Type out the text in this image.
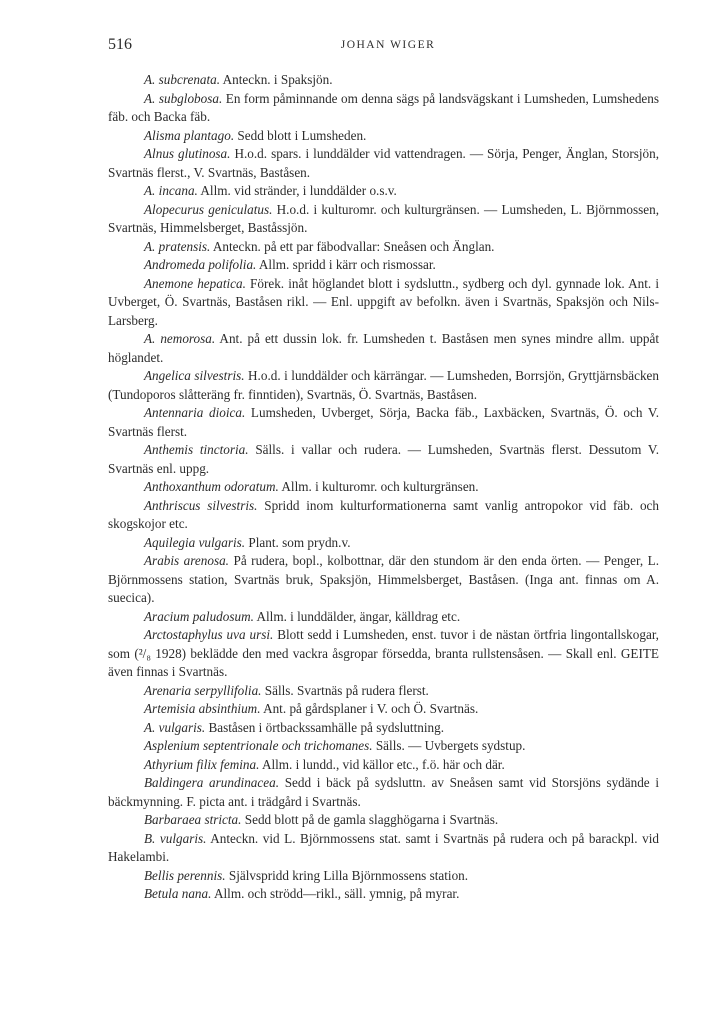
516	JOHAN WIGER

A. subcrenata. Anteckn. i Spaksjön.

A. subglobosa. En form påminnande om denna sägs på landsvägskant i Lumsheden, Lumshedens fäb. och Backa fäb.

Alisma plantago. Sedd blott i Lumsheden.

Alnus glutinosa. H.o.d. spars. i lunddälder vid vattendragen. — Sörja, Penger, Änglan, Storsjön, Svartnäs flerst., V. Svartnäs, Baståsen.

A. incana. Allm. vid stränder, i lunddälder o.s.v.

Alopecurus geniculatus. H.o.d. i kulturomr. och kulturgränsen. — Lumsheden, L. Björnmossen, Svartnäs, Himmelsberget, Baståssjön.

A. pratensis. Anteckn. på ett par fäbodvallar: Sneåsen och Änglan.

Andromeda polifolia. Allm. spridd i kärr och rismossar.

Anemone hepatica. Förek. inåt höglandet blott i sydsluttn., sydberg och dyl. gynnade lok. Ant. i Uvberget, Ö. Svartnäs, Baståsen rikl. — Enl. uppgift av befolkn. även i Svartnäs, Spaksjön och Nils-Larsberg.

A. nemorosa. Ant. på ett dussin lok. fr. Lumsheden t. Baståsen men synes mindre allm. uppåt höglandet.

Angelica silvestris. H.o.d. i lunddälder och kärrängar. — Lumsheden, Borrsjön, Gryttjärnsbäcken (Tundoporos slåtteräng fr. finntiden), Svartnäs, Ö. Svartnäs, Baståsen.

Antennaria dioica. Lumsheden, Uvberget, Sörja, Backa fäb., Laxbäcken, Svartnäs, Ö. och V. Svartnäs flerst.

Anthemis tinctoria. Sälls. i vallar och rudera. — Lumsheden, Svartnäs flerst. Dessutom V. Svartnäs enl. uppg.

Anthoxanthum odoratum. Allm. i kulturomr. och kulturgränsen.

Anthriscus silvestris. Spridd inom kulturformationerna samt vanlig antropokor vid fäb. och skogskojor etc.

Aquilegia vulgaris. Plant. som prydn.v.

Arabis arenosa. På rudera, bopl., kolbottnar, där den stundom är den enda örten. — Penger, L. Björnmossens station, Svartnäs bruk, Spaksjön, Himmelsberget, Baståsen. (Inga ant. finnas om A. suecica).

Aracium paludosum. Allm. i lunddälder, ängar, källdrag etc.

Arctostaphylus uva ursi. Blott sedd i Lumsheden, enst. tuvor i de nästan örtfria lingontallskogar, som (²/₈ 1928) beklädde den med vackra åsgropar försedda, branta rullstensåsen. — Skall enl. GEITE även finnas i Svartnäs.

Arenaria serpyllifolia. Sälls. Svartnäs på rudera flerst.

Artemisia absinthium. Ant. på gårdsplaner i V. och Ö. Svartnäs.

A. vulgaris. Baståsen i örtbackssamhälle på sydsluttning.

Asplenium septentrionale och trichomanes. Sälls. — Uvbergets sydstup.

Athyrium filix femina. Allm. i lundd., vid källor etc., f.ö. här och där.

Baldingera arundinacea. Sedd i bäck på sydsluttn. av Sneåsen samt vid Storsjöns sydände i bäckmynning. F. picta ant. i trädgård i Svartnäs.

Barbaraea stricta. Sedd blott på de gamla slagghögarna i Svartnäs.

B. vulgaris. Anteckn. vid L. Björnmossens stat. samt i Svartnäs på rudera och på barackpl. vid Hakelambi.

Bellis perennis. Självspridd kring Lilla Björnmossens station.

Betula nana. Allm. och strödd—rikl., säll. ymnig, på myrar.
